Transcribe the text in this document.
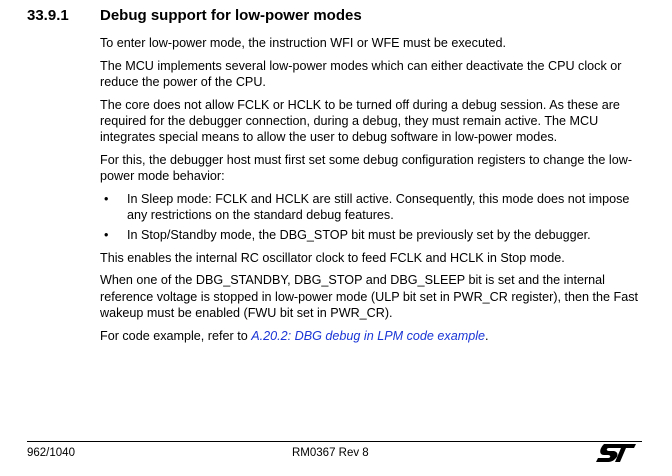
33.9.1 Debug support for low-power modes

To enter low-power mode, the instruction WFI or WFE must be executed.

The MCU implements several low-power modes which can either deactivate the CPU clock or reduce the power of the CPU.

The core does not allow FCLK or HCLK to be turned off during a debug session. As these are required for the debugger connection, during a debug, they must remain active. The MCU integrates special means to allow the user to debug software in low-power modes.

For this, the debugger host must first set some debug configuration registers to change the low-power mode behavior:

• In Sleep mode: FCLK and HCLK are still active. Consequently, this mode does not impose any restrictions on the standard debug features.
• In Stop/Standby mode, the DBG_STOP bit must be previously set by the debugger.

This enables the internal RC oscillator clock to feed FCLK and HCLK in Stop mode.

When one of the DBG_STANDBY, DBG_STOP and DBG_SLEEP bit is set and the internal reference voltage is stopped in low-power mode (ULP bit set in PWR_CR register), then the Fast wakeup must be enabled (FWU bit set in PWR_CR).

For code example, refer to A.20.2: DBG debug in LPM code example.

962/1040	RM0367 Rev 8
